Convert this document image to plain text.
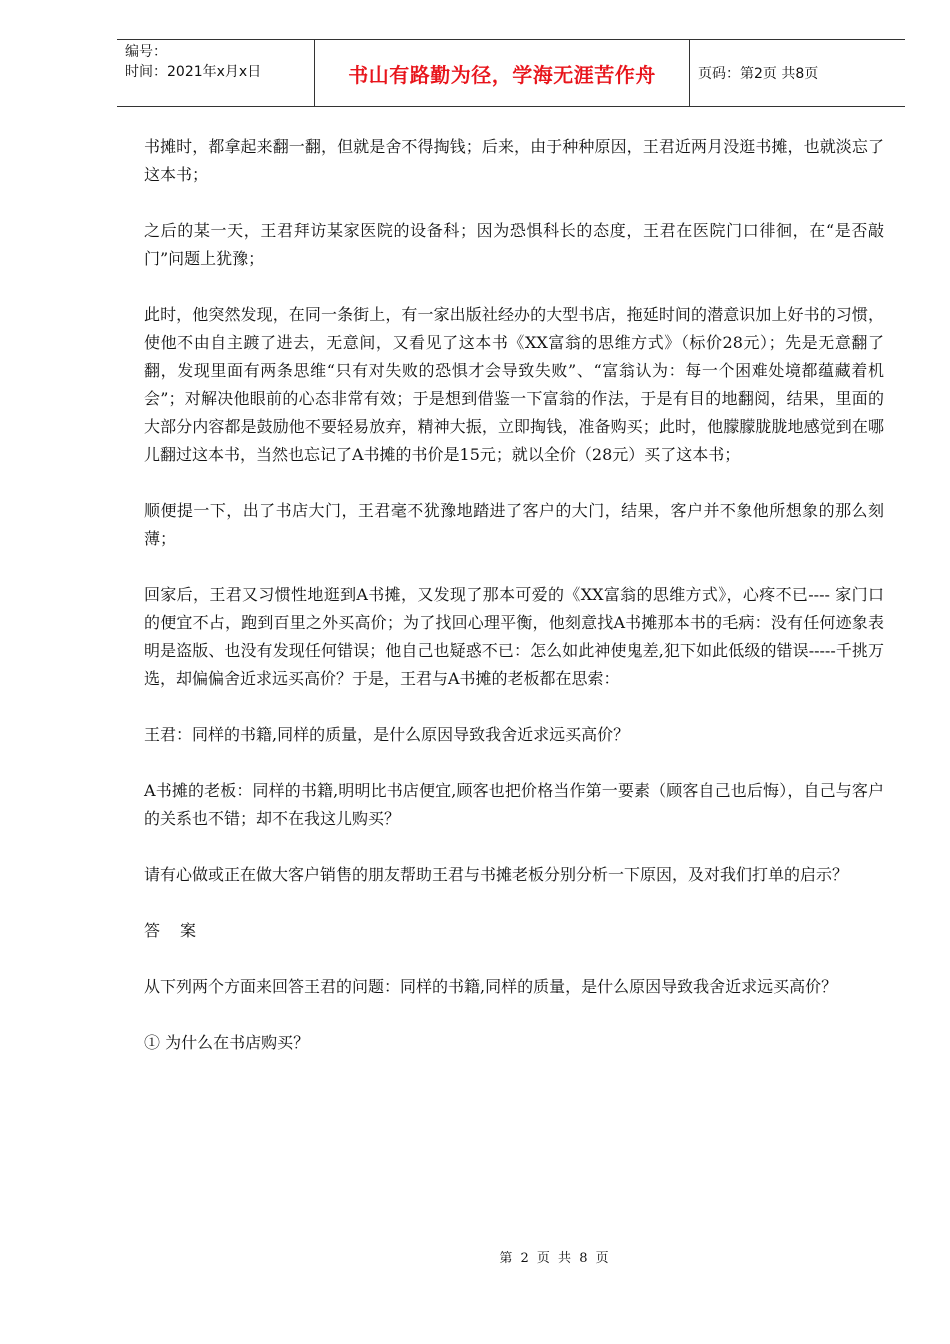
编号：
时间：2021年x月x日	书山有路勤为径，学海无涯苦作舟	页码：第2页 共8页

书摊时，都拿起来翻一翻，但就是舍不得掏钱；后来，由于种种原因，王君近两月没逛书摊，也就淡忘了这本书；

之后的某一天，王君拜访某家医院的设备科；因为恐惧科长的态度，王君在医院门口徘徊，在“是否敲门”问题上犹豫；

此时，他突然发现，在同一条街上，有一家出版社经办的大型书店，拖延时间的潜意识加上好书的习惯，使他不由自主踱了进去，无意间，又看见了这本书《XX富翁的思维方式》（标价28元）；先是无意翻了翻，发现里面有两条思维“只有对失败的恐惧才会导致失败”、“富翁认为：每一个困难处境都蕴藏着机会”；对解决他眼前的心态非常有效；于是想到借鉴一下富翁的作法，于是有目的地翻阅，结果，里面的大部分内容都是鼓励他不要轻易放弃，精神大振，立即掏钱，准备购买；此时，他朦朦胧胧地感觉到在哪儿翻过这本书，当然也忘记了A书摊的书价是15元；就以全价（28元）买了这本书；

顺便提一下，出了书店大门，王君毫不犹豫地踏进了客户的大门，结果，客户并不象他所想象的那么刻薄；

回家后，王君又习惯性地逛到A书摊，又发现了那本可爱的《XX富翁的思维方式》，心疼不已---- 家门口的便宜不占，跑到百里之外买高价；为了找回心理平衡，他刻意找A书摊那本书的毛病：没有任何迹象表明是盗版、也没有发现任何错误；他自己也疑惑不已：怎么如此神使鬼差,犯下如此低级的错误-----千挑万选，却偏偏舍近求远买高价？于是，王君与A书摊的老板都在思索：

王君：同样的书籍,同样的质量，是什么原因导致我舍近求远买高价？

A书摊的老板：同样的书籍,明明比书店便宜,顾客也把价格当作第一要素（顾客自己也后悔），自己与客户的关系也不错；却不在我这儿购买？

请有心做或正在做大客户销售的朋友帮助王君与书摊老板分别分析一下原因，及对我们打单的启示？

答案

从下列两个方面来回答王君的问题：同样的书籍,同样的质量，是什么原因导致我舍近求远买高价？

① 为什么在书店购买？

第 2 页 共 8 页
